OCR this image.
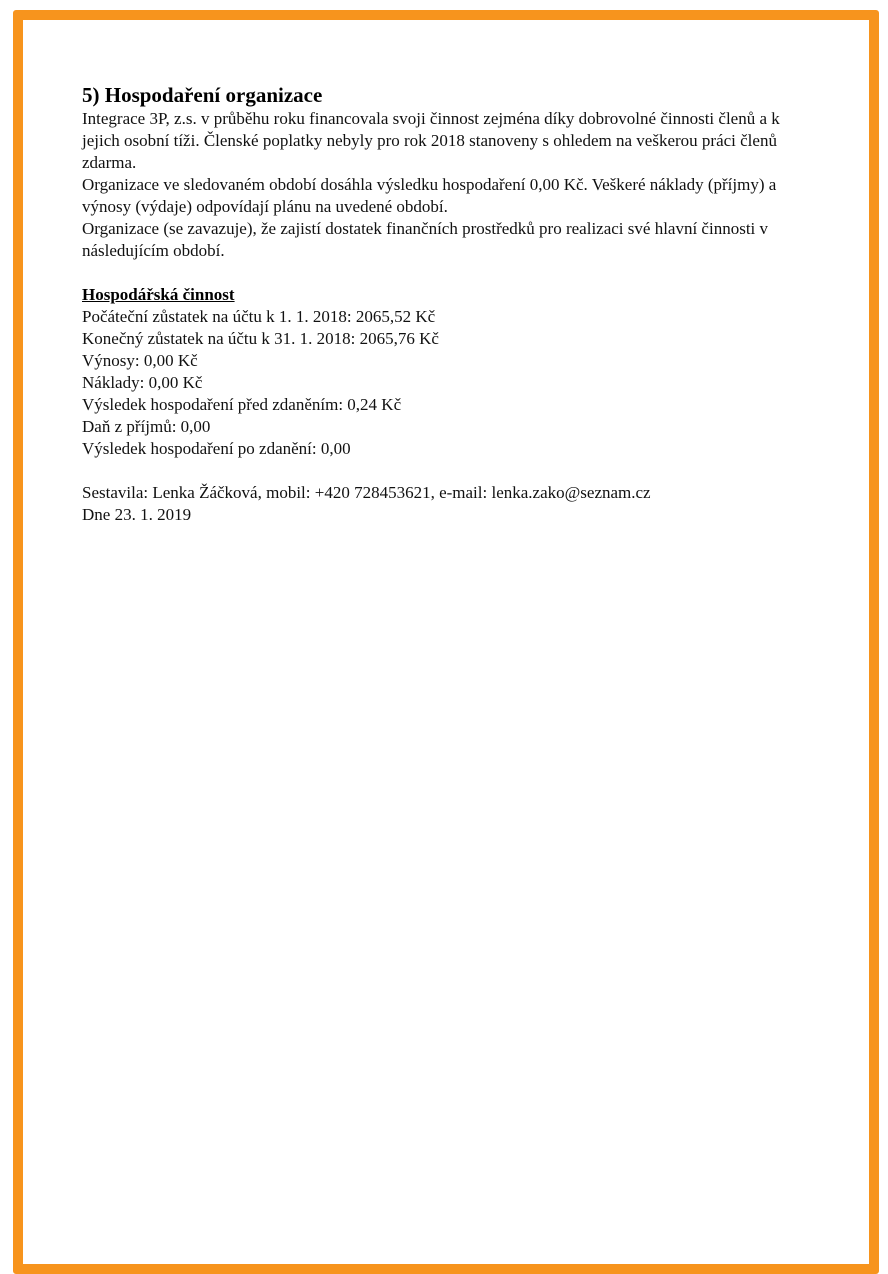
5) Hospodaření organizace

Integrace 3P, z.s. v průběhu roku financovala svoji činnost zejména díky dobrovolné činnosti členů a k jejich osobní tíži. Členské poplatky nebyly pro rok 2018 stanoveny s ohledem na veškerou práci členů zdarma.

Organizace ve sledovaném období dosáhla výsledku hospodaření 0,00 Kč. Veškeré náklady (příjmy) a výnosy (výdaje) odpovídají plánu na uvedené období.

Organizace (se zavazuje), že zajistí dostatek finančních prostředků pro realizaci své hlavní činnosti v následujícím období.

Hospodářská činnost

Počáteční zůstatek na účtu k 1. 1. 2018: 2065,52 Kč

Konečný zůstatek na účtu k 31. 1. 2018: 2065,76 Kč

Výnosy: 0,00 Kč

Náklady: 0,00 Kč

Výsledek hospodaření před zdaněním: 0,24 Kč

Daň z příjmů: 0,00

Výsledek hospodaření po zdanění: 0,00

Sestavila: Lenka Žáčková, mobil: +420 728453621, e-mail: lenka.zako@seznam.cz

Dne 23. 1. 2019
